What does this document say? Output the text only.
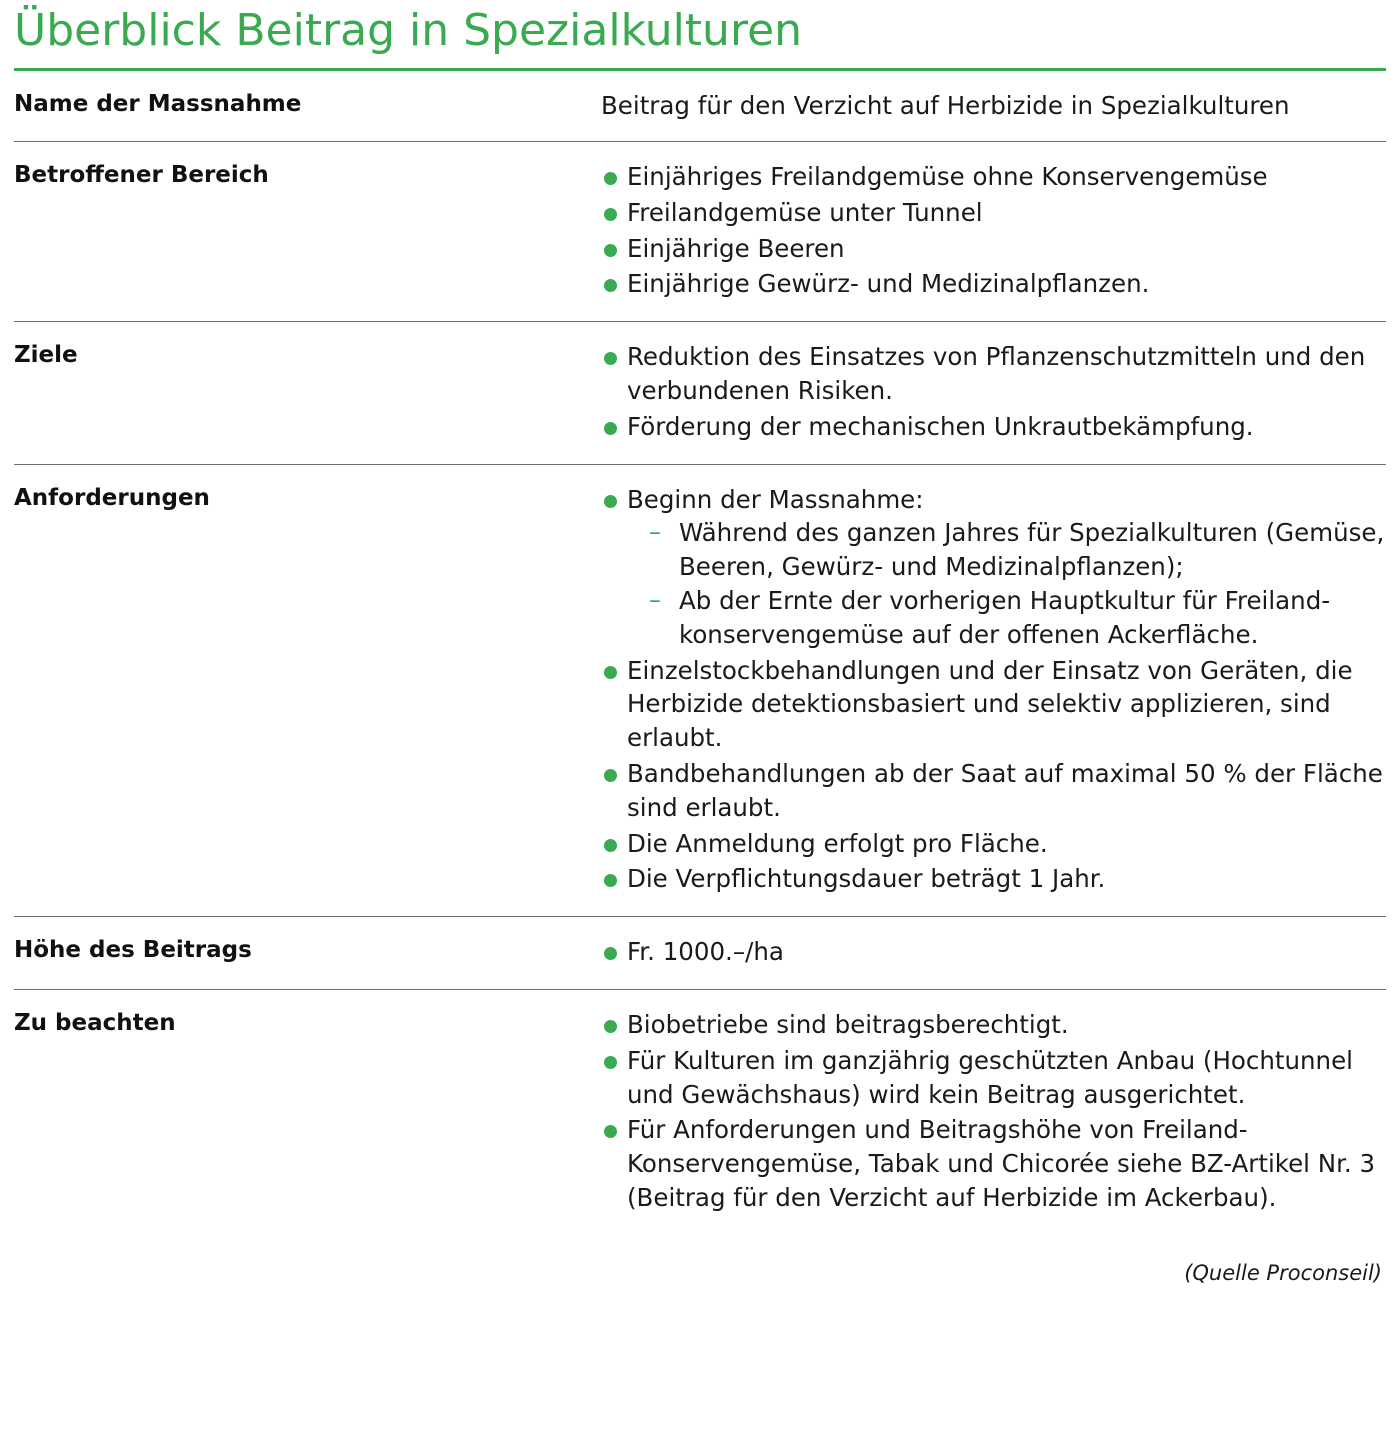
Überblick Beitrag in Spezialkulturen
Name der Massnahme	Beitrag für den Verzicht auf Herbizide in Spezialkulturen

Betroffener Bereich	Einjähriges Freilandgemüse ohne Konservengemüse
Freilandgemüse unter Tunnel
Einjährige Beeren
Einjährige Gewürz- und Medizinalpflanzen.

Ziele	Reduktion des Einsatzes von Pflanzenschutzmitteln und den verbundenen Risiken.
Förderung der mechanischen Unkrautbekämpfung.

Anforderungen	Beginn der Massnahme:
– Während des ganzen Jahres für Spezialkulturen (Gemüse, Beeren, Gewürz- und Medizinalpflanzen);
– Ab der Ernte der vorherigen Hauptkultur für Freiland-konservengemüse auf der offenen Ackerfläche.
Einzelstockbehandlungen und der Einsatz von Geräten, die Herbizide detektionsbasiert und selektiv applizieren, sind erlaubt.
Bandbehandlungen ab der Saat auf maximal 50 % der Fläche sind erlaubt.
Die Anmeldung erfolgt pro Fläche.
Die Verpflichtungsdauer beträgt 1 Jahr.

Höhe des Beitrags	Fr. 1000.–/ha

Zu beachten	Biobetriebe sind beitragsberechtigt.
Für Kulturen im ganzjährig geschützten Anbau (Hochtunnel und Gewächshaus) wird kein Beitrag ausgerichtet.
Für Anforderungen und Beitragshöhe von Freiland-Konservengemüse, Tabak und Chicorée siehe BZ-Artikel Nr. 3 (Beitrag für den Verzicht auf Herbizide im Ackerbau).
(Quelle Proconseil)
